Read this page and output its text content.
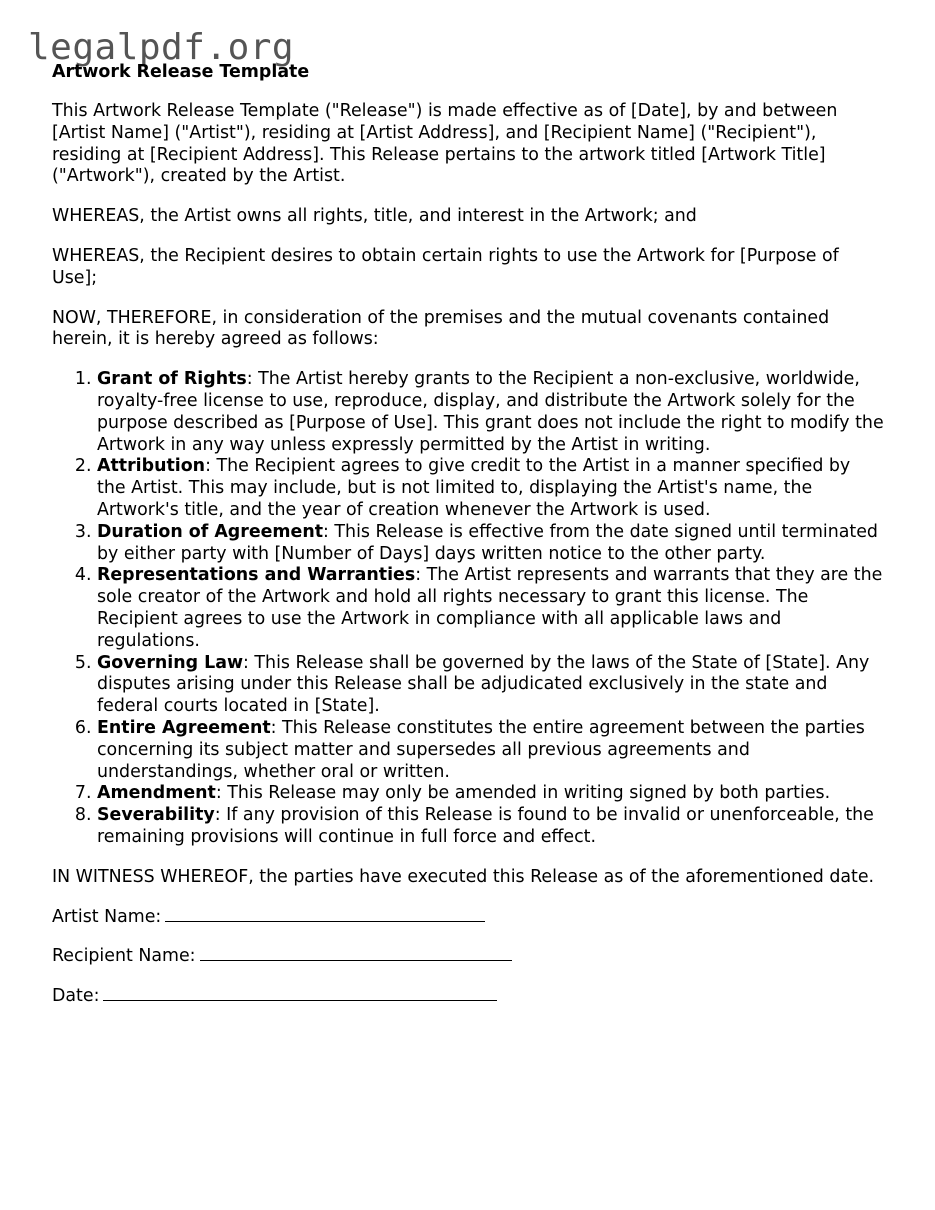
legalpdf.org
Artwork Release Template

This Artwork Release Template ("Release") is made effective as of [Date], by and between [Artist Name] ("Artist"), residing at [Artist Address], and [Recipient Name] ("Recipient"), residing at [Recipient Address]. This Release pertains to the artwork titled [Artwork Title] ("Artwork"), created by the Artist.

WHEREAS, the Artist owns all rights, title, and interest in the Artwork; and

WHEREAS, the Recipient desires to obtain certain rights to use the Artwork for [Purpose of Use];

NOW, THEREFORE, in consideration of the premises and the mutual covenants contained herein, it is hereby agreed as follows:

1. Grant of Rights: The Artist hereby grants to the Recipient a non-exclusive, worldwide, royalty-free license to use, reproduce, display, and distribute the Artwork solely for the purpose described as [Purpose of Use]. This grant does not include the right to modify the Artwork in any way unless expressly permitted by the Artist in writing.
2. Attribution: The Recipient agrees to give credit to the Artist in a manner specified by the Artist. This may include, but is not limited to, displaying the Artist's name, the Artwork's title, and the year of creation whenever the Artwork is used.
3. Duration of Agreement: This Release is effective from the date signed until terminated by either party with [Number of Days] days written notice to the other party.
4. Representations and Warranties: The Artist represents and warrants that they are the sole creator of the Artwork and hold all rights necessary to grant this license. The Recipient agrees to use the Artwork in compliance with all applicable laws and regulations.
5. Governing Law: This Release shall be governed by the laws of the State of [State]. Any disputes arising under this Release shall be adjudicated exclusively in the state and federal courts located in [State].
6. Entire Agreement: This Release constitutes the entire agreement between the parties concerning its subject matter and supersedes all previous agreements and understandings, whether oral or written.
7. Amendment: This Release may only be amended in writing signed by both parties.
8. Severability: If any provision of this Release is found to be invalid or unenforceable, the remaining provisions will continue in full force and effect.

IN WITNESS WHEREOF, the parties have executed this Release as of the aforementioned date.

Artist Name:
Recipient Name:
Date:
